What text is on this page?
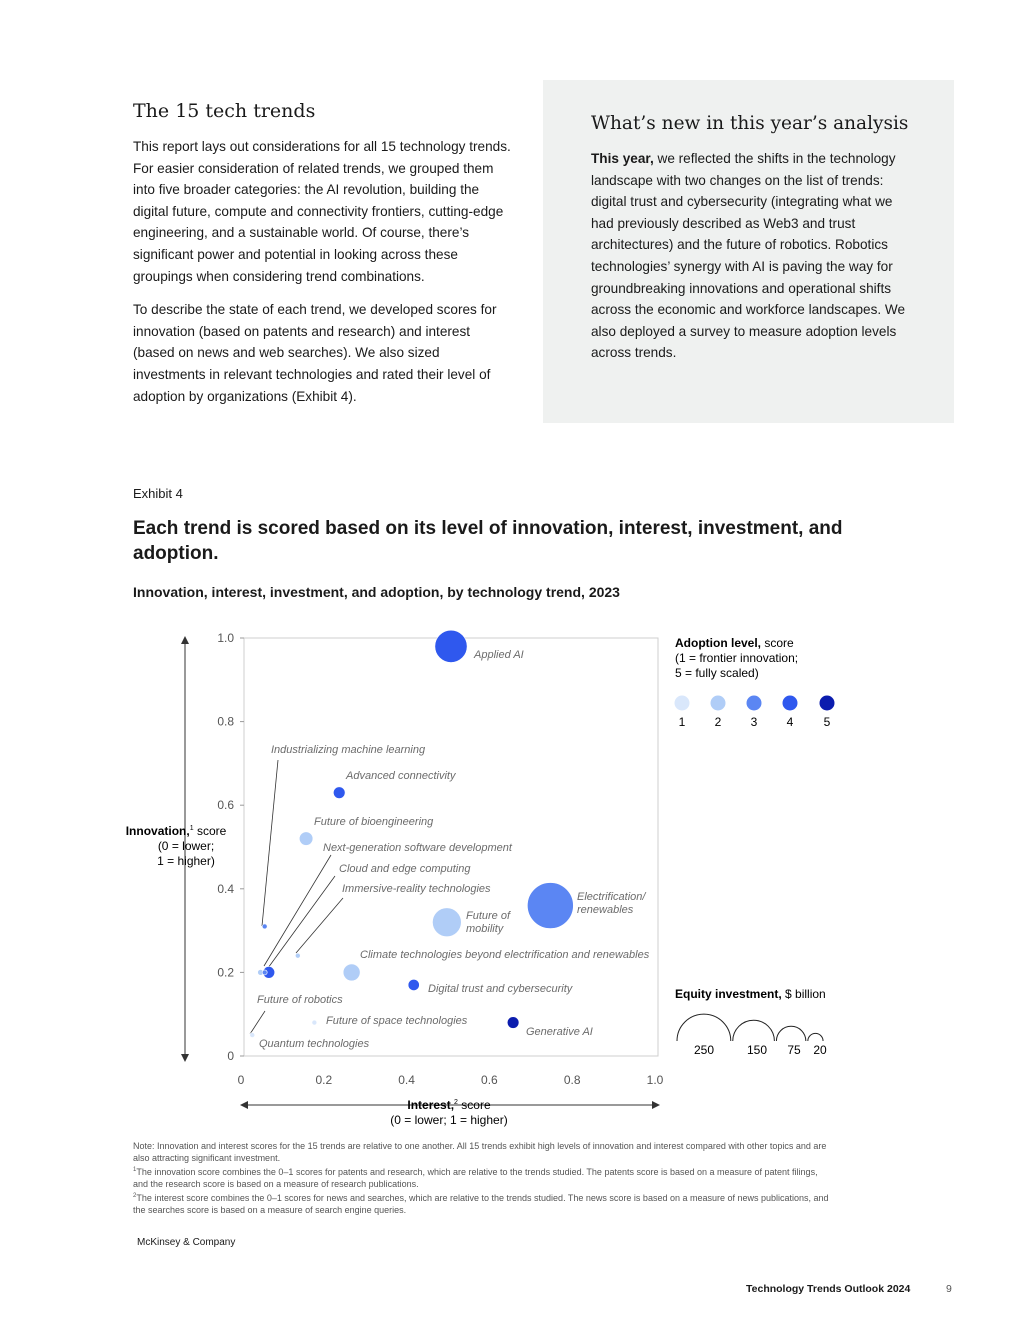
The 15 tech trends

This report lays out considerations for all 15 technology trends. For easier consideration of related trends, we grouped them into five broader categories: the AI revolution, building the digital future, compute and connectivity frontiers, cutting-edge engineering, and a sustainable world. Of course, there’s significant power and potential in looking across these groupings when considering trend combinations.

To describe the state of each trend, we developed scores for innovation (based on patents and research) and interest (based on news and web searches). We also sized investments in relevant technologies and rated their level of adoption by organizations (Exhibit 4).

What’s new in this year’s analysis

This year, we reflected the shifts in the technology landscape with two changes on the list of trends: digital trust and cybersecurity (integrating what we had previously described as Web3 and trust architectures) and the future of robotics. Robotics technologies’ synergy with AI is paving the way for groundbreaking innovations and operational shifts across the economic and workforce landscapes. We also deployed a survey to measure adoption levels across trends.

Exhibit 4
Each trend is scored based on its level of innovation, interest, investment, and adoption.
Innovation, interest, investment, and adoption, by technology trend, 2023
0
0.2
0.4
0.6
0.8
1.0
0	0.2	0.4	0.6	0.8	1.0
Innovation,$^1$ score
(0 = lower;
1 = higher)
Interest,$^2$ score
(0 = lower; 1 = higher)
Applied AI
Industrializing machine learning
Advanced connectivity
Future of bioengineering
Next-generation software development
Cloud and edge computing
Immersive-reality technologies
Electrification/ renewables
Future of mobility
Climate technologies beyond electrification and renewables
Digital trust and cybersecurity
Future of robotics
Future of space technologies
Generative AI
Quantum technologies
Adoption level, score
(1 = frontier innovation;
5 = fully scaled)
1 2 3 4	5
Equity investment, $ billion
250	150 75 20

Note: Innovation and interest scores for the 15 trends are relative to one another. All 15 trends exhibit high levels of innovation and interest compared with other topics and are also attracting significant investment.

$^1$The innovation score combines the 0–1 scores for patents and research, which are relative to the trends studied. The patents score is based on a measure of patent filings, and the research score is based on a measure of research publications.

$^2$The interest score combines the 0–1 scores for news and searches, which are relative to the trends studied. The news score is based on a measure of news publications, and the searches score is based on a measure of search engine queries.

McKinsey & Company
Technology Trends Outlook 2024	9
